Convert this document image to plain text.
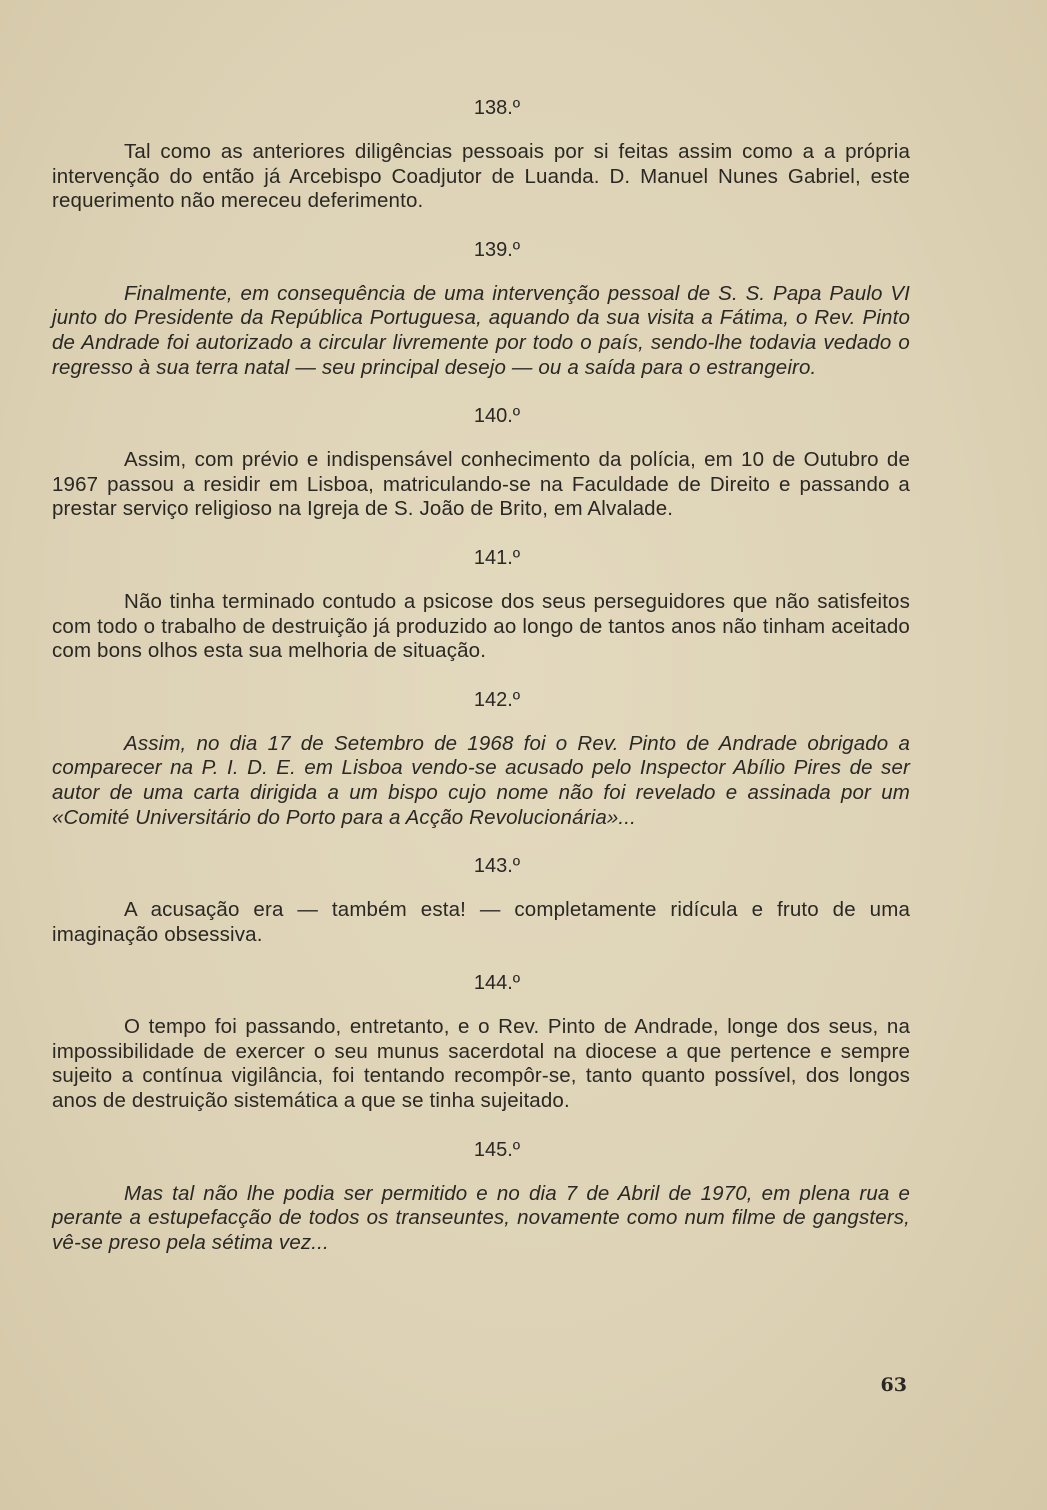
138.º

Tal como as anteriores diligências pessoais por si feitas assim como a a própria intervenção do então já Arcebispo Coadjutor de Luanda. D. Manuel Nunes Gabriel, este requerimento não mereceu deferimento.

139.º

Finalmente, em consequência de uma intervenção pessoal de S. S. Papa Paulo VI junto do Presidente da República Portuguesa, aquando da sua visita a Fátima, o Rev. Pinto de Andrade foi autorizado a circular livremente por todo o país, sendo-lhe todavia vedado o regresso à sua terra natal — seu principal desejo — ou a saída para o estrangeiro.

140.º

Assim, com prévio e indispensável conhecimento da polícia, em 10 de Outubro de 1967 passou a residir em Lisboa, matriculando-se na Faculdade de Direito e passando a prestar serviço religioso na Igreja de S. João de Brito, em Alvalade.

141.º

Não tinha terminado contudo a psicose dos seus perseguidores que não satisfeitos com todo o trabalho de destruição já produzido ao longo de tantos anos não tinham aceitado com bons olhos esta sua melhoria de situação.

142.º

Assim, no dia 17 de Setembro de 1968 foi o Rev. Pinto de Andrade obrigado a comparecer na P. I. D. E. em Lisboa vendo-se acusado pelo Inspector Abílio Pires de ser autor de uma carta dirigida a um bispo cujo nome não foi revelado e assinada por um «Comité Universitário do Porto para a Acção Revolucionária»...

143.º

A acusação era — também esta! — completamente ridícula e fruto de uma imaginação obsessiva.

144.º

O tempo foi passando, entretanto, e o Rev. Pinto de Andrade, longe dos seus, na impossibilidade de exercer o seu munus sacerdotal na diocese a que pertence e sempre sujeito a contínua vigilância, foi tentando recompôr-se, tanto quanto possível, dos longos anos de destruição sistemática a que se tinha sujeitado.

145.º

Mas tal não lhe podia ser permitido e no dia 7 de Abril de 1970, em plena rua e perante a estupefacção de todos os transeuntes, novamente como num filme de gangsters, vê-se preso pela sétima vez...

63
